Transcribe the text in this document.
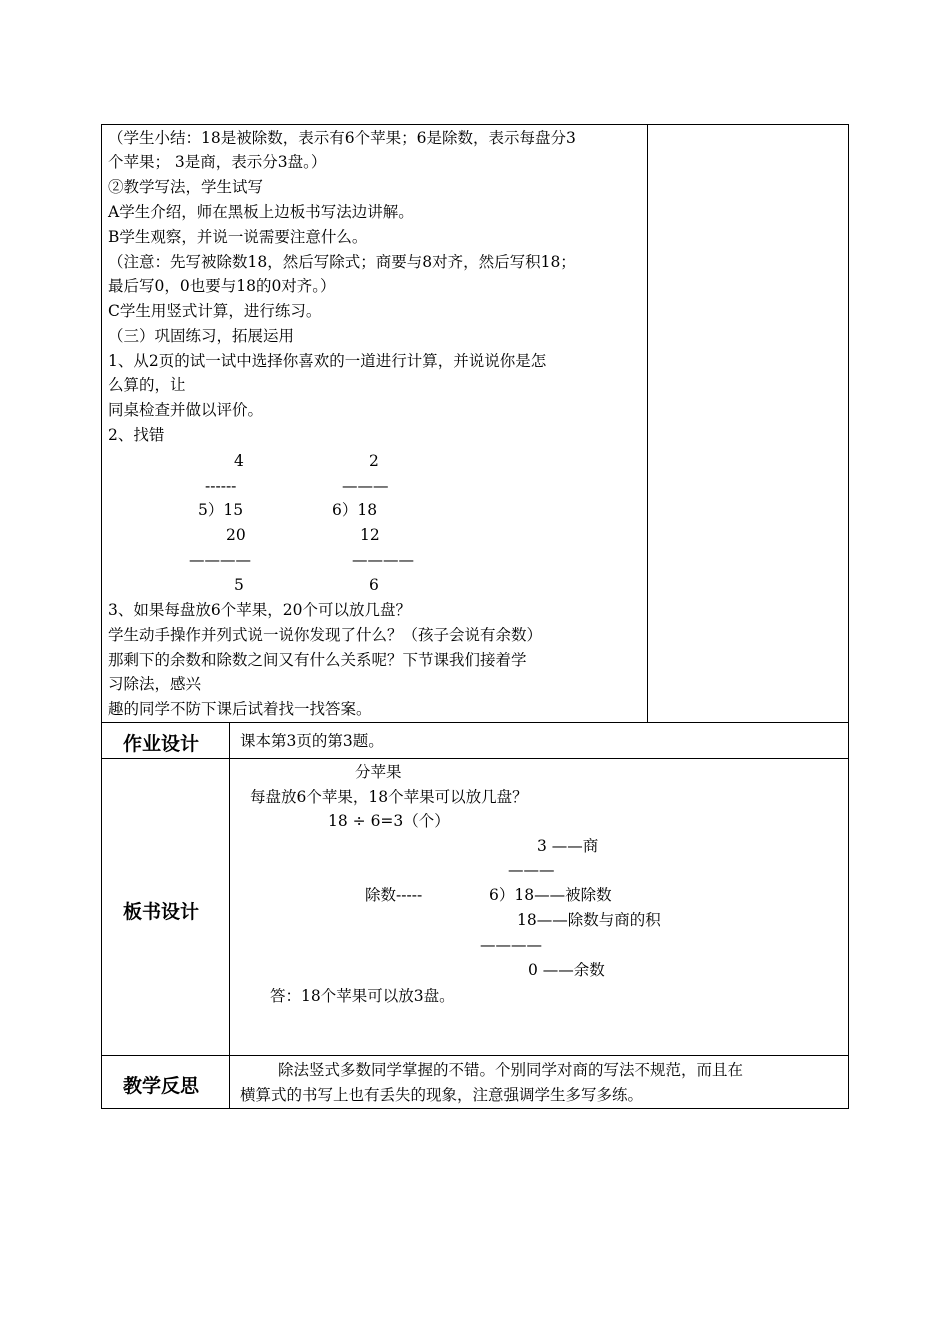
（学生小结：18是被除数，表示有6个苹果；6是除数，表示每盘分3
个苹果； 3是商，表示分3盘。）
②教学写法，学生试写
A学生介绍，师在黑板上边板书写法边讲解。
B学生观察，并说一说需要注意什么。
（注意：先写被除数18，然后写除式；商要与8对齐，然后写积18；
最后写0，0也要与18的0对齐。）
C学生用竖式计算，进行练习。
（三）巩固练习，拓展运用
1、从2页的试一试中选择你喜欢的一道进行计算，并说说你是怎
么算的，让
同桌检查并做以评价。
2、找错
4
------
5）15
20
————
5
2
———
6）18
12
————
6
3、如果每盘放6个苹果，20个可以放几盘？
学生动手操作并列式说一说你发现了什么？（孩子会说有余数）
那剩下的余数和除数之间又有什么关系呢？下节课我们接着学
习除法，感兴
趣的同学不防下课后试着找一找答案。
作业设计	课本第3页的第3题。
板书设计
分苹果
每盘放6个苹果，18个苹果可以放几盘？
18 ÷ 6=3（个）
3 ——商
———
除数-----	6）18——被除数
18——除数与商的积
————
0 ——余数
答：18个苹果可以放3盘。
教学反思
除法竖式多数同学掌握的不错。个别同学对商的写法不规范，而且在
横算式的书写上也有丢失的现象，注意强调学生多写多练。
